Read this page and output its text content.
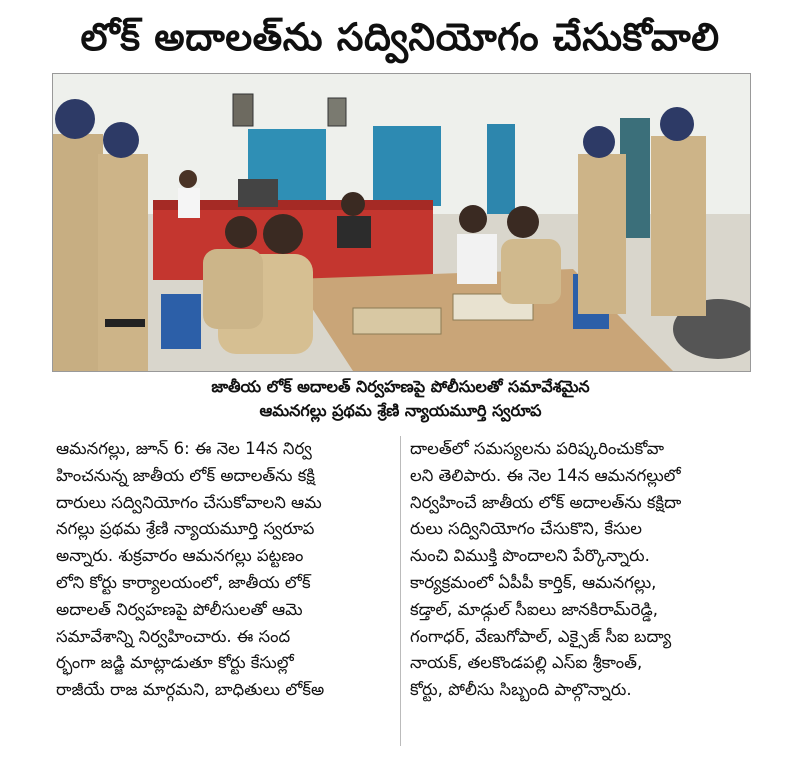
లోక్ అదాలత్‌ను సద్వినియోగం చేసుకోవాలి
జాతీయ లోక్ అదాలత్ నిర్వహణపై పోలీసులతో సమావేశమైన
ఆమనగల్లు ప్రథమ శ్రేణి న్యాయమూర్తి స్వరూప
ఆమనగల్లు, జూన్ 6: ఈ నెల 14న నిర్వ
హించనున్న జాతీయ లోక్ అదాలత్‌ను కక్షి
దారులు సద్వినియోగం చేసుకోవాలని ఆమ
నగల్లు ప్రథమ శ్రేణి న్యాయమూర్తి స్వరూప
అన్నారు. శుక్రవారం ఆమనగల్లు పట్టణం
లోని కోర్టు కార్యాలయంలో, జాతీయ లోక్
అదాలత్ నిర్వహణపై పోలీసులతో ఆమె
సమావేశాన్ని నిర్వహించారు. ఈ సంద
ర్భంగా జడ్జి మాట్లాడుతూ కోర్టు కేసుల్లో
రాజీయే రాజ మార్గమని, బాధితులు లోక్అ
దాలత్‌లో సమస్యలను పరిష్కరించుకోవా
లని తెలిపారు. ఈ నెల 14న ఆమనగల్లులో
నిర్వహించే జాతీయ లోక్ అదాలత్‌ను కక్షిదా
రులు సద్వినియోగం చేసుకొని, కేసుల
నుంచి విముక్తి పొందాలని పేర్కొన్నారు.
కార్యక్రమంలో ఏపీపీ కార్తిక్, ఆమనగల్లు,
కడ్తాల్, మాడ్గుల్ సీఐలు జానకిరామ్‌రెడ్డి,
గంగాధర్, వేణుగోపాల్, ఎక్సైజ్ సీఐ బద్యా
నాయక్, తలకొండపల్లి ఎస్ఐ శ్రీకాంత్,
కోర్టు, పోలీసు సిబ్బంది పాల్గొన్నారు.
